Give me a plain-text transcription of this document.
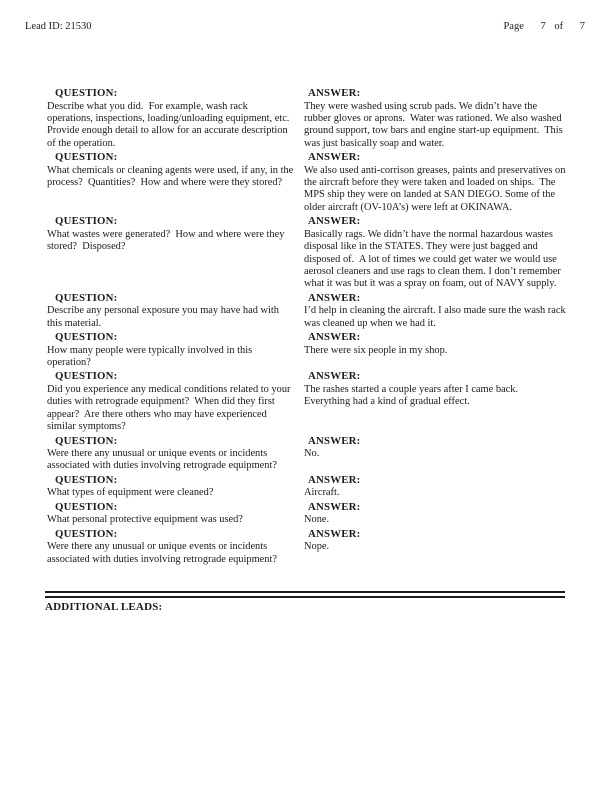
Lead ID: 21530	Page 7 of 7
QUESTION:
Describe what you did.  For example, wash rack operations, inspections, loading/unloading equipment, etc.  Provide enough detail to allow for an accurate description of the operation.
ANSWER:
They were washed using scrub pads. We didn’t have the rubber gloves or aprons.  Water was rationed. We also washed ground support, tow bars and engine start-up equipment.  This was just basically soap and water.
QUESTION:
What chemicals or cleaning agents were used, if any, in the process?  Quantities?  How and where were they stored?
ANSWER:
We also used anti-corrison greases, paints and preservatives on the aircraft before they were taken and loaded on ships.  The MPS ship they were on landed at SAN DIEGO. Some of the older aircraft (OV-10A’s) were left at OKINAWA.
QUESTION:
What wastes were generated?  How and where were they stored?  Disposed?
ANSWER:
Basically rags. We didn’t have the normal hazardous wastes disposal like in the STATES. They were just bagged and disposed of.  A lot of times we could get water we would use aerosol cleaners and use rags to clean them. I don’t remember what it was but it was a spray on foam, out of NAVY supply.
QUESTION:
Describe any personal exposure you may have had with this material.
ANSWER:
I’d help in cleaning the aircraft. I also made sure the wash rack was cleaned up when we had it.
QUESTION:
How many people were typically involved in this operation?
ANSWER:
There were six people in my shop.
QUESTION:
Did you experience any medical conditions related to your duties with retrograde equipment?  When did they first appear?  Are there others who may have experienced similar symptoms?
ANSWER:
The rashes started a couple years after I came back. Everything had a kind of gradual effect.
QUESTION:
Were there any unusual or unique events or incidents associated with duties involving retrograde equipment?
ANSWER:
No.
QUESTION:
What types of equipment were cleaned?
ANSWER:
Aircraft.
QUESTION:
What personal protective equipment was used?
ANSWER:
None.
QUESTION:
Were there any unusual or unique events or incidents associated with duties involving retrograde equipment?
ANSWER:
Nope.
ADDITIONAL LEADS:
